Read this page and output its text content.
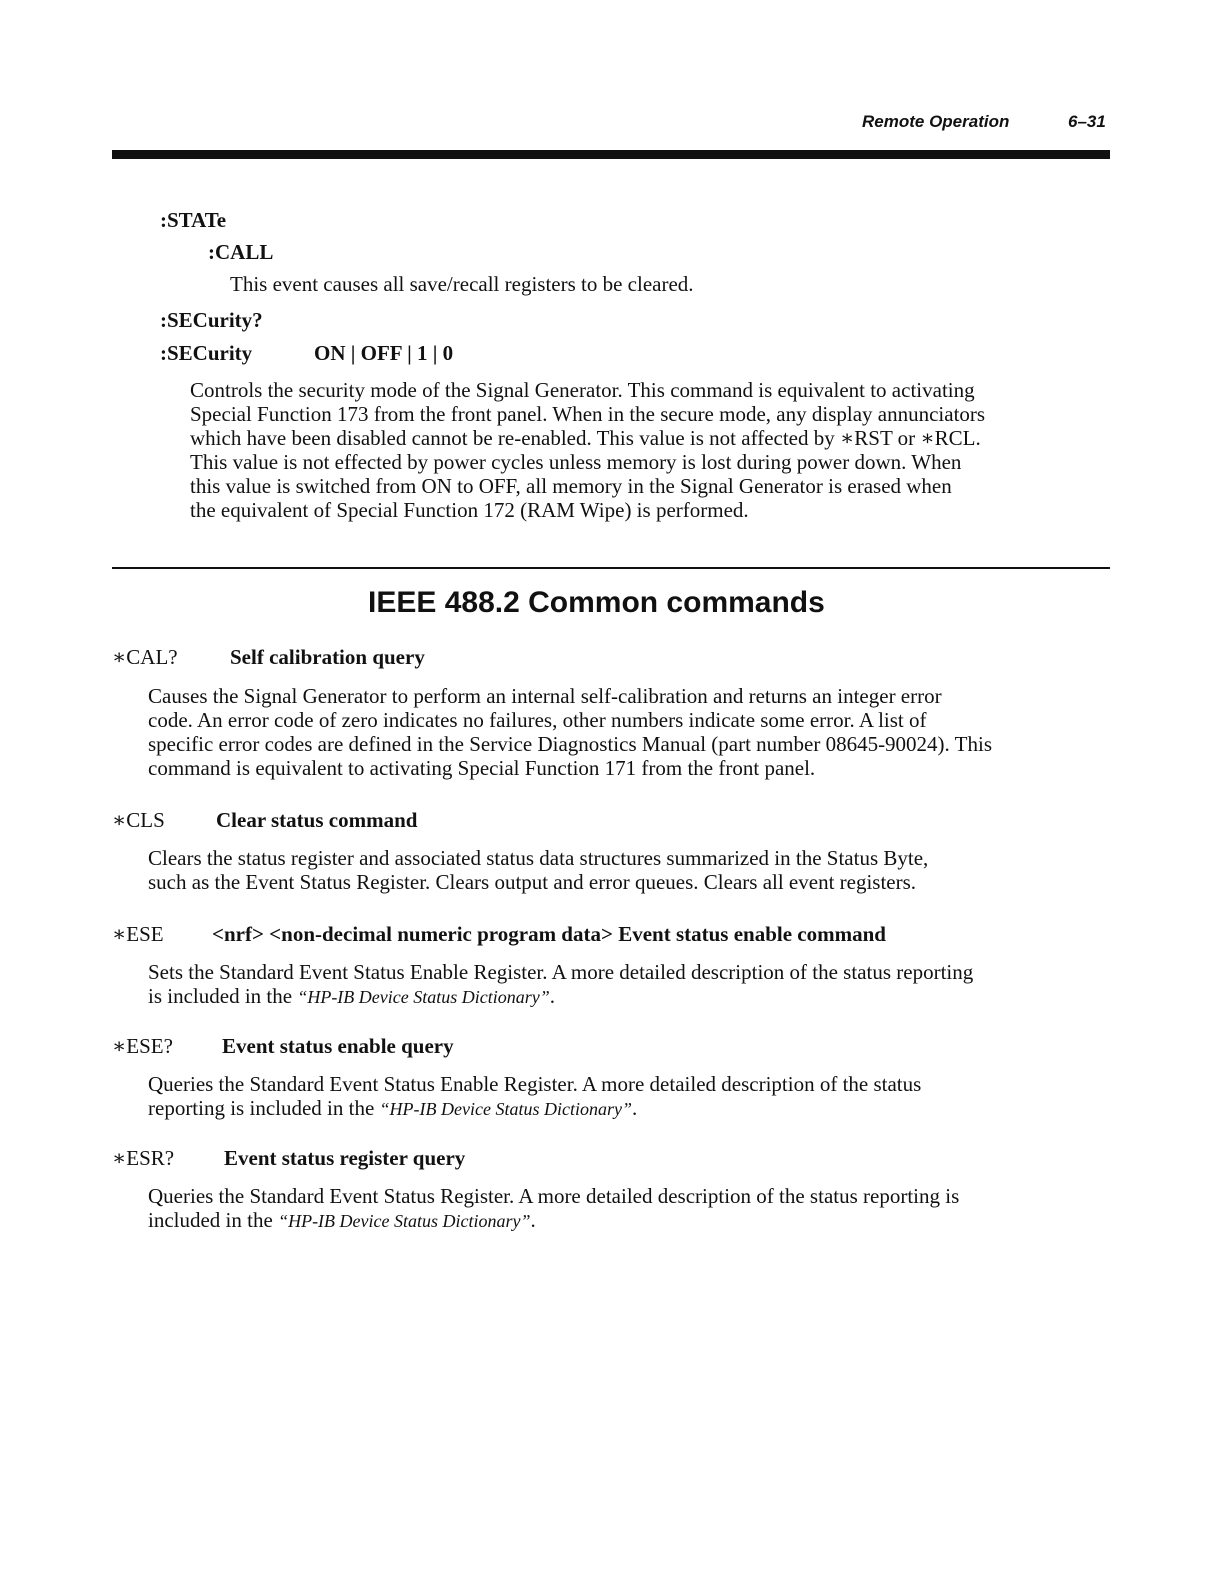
Remote Operation	6–31
:STATe
:CALL
This event causes all save/recall registers to be cleared.
:SECurity?
:SECurity	ON | OFF | 1 | 0
Controls the security mode of the Signal Generator. This command is equivalent to activating
Special Function 173 from the front panel. When in the secure mode, any display annunciators
which have been disabled cannot be re-enabled. This value is not affected by ∗RST or ∗RCL.
This value is not effected by power cycles unless memory is lost during power down. When
this value is switched from ON to OFF, all memory in the Signal Generator is erased when
the equivalent of Special Function 172 (RAM Wipe) is performed.
IEEE 488.2 Common commands
∗CAL? Self calibration query
Causes the Signal Generator to perform an internal self-calibration and returns an integer error
code. An error code of zero indicates no failures, other numbers indicate some error. A list of
specific error codes are defined in the Service Diagnostics Manual (part number 08645-90024). This
command is equivalent to activating Special Function 171 from the front panel.
∗CLS Clear status command
Clears the status register and associated status data structures summarized in the Status Byte,
such as the Event Status Register. Clears output and error queues. Clears all event registers.
∗ESE <nrf> <non-decimal numeric program data> Event status enable command
Sets the Standard Event Status Enable Register. A more detailed description of the status reporting
is included in the “HP-IB Device Status Dictionary”.
∗ESE? Event status enable query
Queries the Standard Event Status Enable Register. A more detailed description of the status
reporting is included in the “HP-IB Device Status Dictionary”.
∗ESR? Event status register query
Queries the Standard Event Status Register. A more detailed description of the status reporting is
included in the “HP-IB Device Status Dictionary”.
